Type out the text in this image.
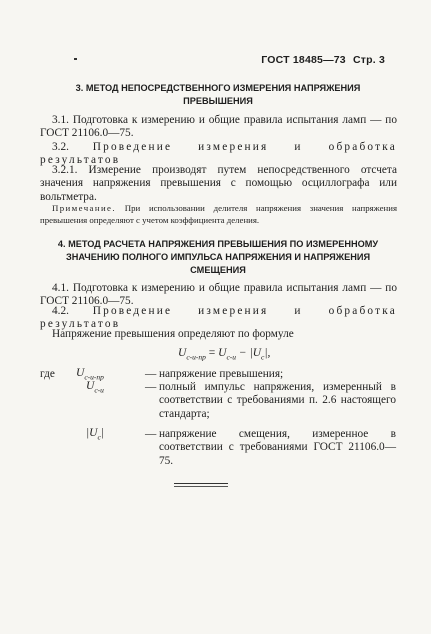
ГОСТ 18485—73 Стр. 3
3. МЕТОД НЕПОСРЕДСТВЕННОГО ИЗМЕРЕНИЯ НАПРЯЖЕНИЯ ПРЕВЫШЕНИЯ
3.1. Подготовка к измерению и общие правила испытания ламп — по ГОСТ 21106.0—75.
3.2. Проведение измерения и обработка результатов
3.2.1. Измерение производят путем непосредственного отсчета значения напряжения превышения с помощью осциллографа или вольтметра.
Примечание. При использовании делителя напряжения значения напряжения превышения определяют с учетом коэффициента деления.
4. МЕТОД РАСЧЕТА НАПРЯЖЕНИЯ ПРЕВЫШЕНИЯ ПО ИЗМЕРЕННОМУ ЗНАЧЕНИЮ ПОЛНОГО ИМПУЛЬСА НАПРЯЖЕНИЯ И НАПРЯЖЕНИЯ СМЕЩЕНИЯ
4.1. Подготовка к измерению и общие правила испытания ламп — по ГОСТ 21106.0—75.
4.2. Проведение измерения и обработка результатов
Напряжение превышения определяют по формуле
$U_{с-и-пр} = U_{с-и} - |U_с|$,
где $U_{с-и-пр}$	— напряжение превышения;
$U_{с-и}$	— полный импульс напряжения, измеренный в соответствии с требованиями п. 2.6 настоящего стандарта;
$|U_с|$	— напряжение смещения, измеренное в соответствии с требованиями ГОСТ 21106.0—75.
